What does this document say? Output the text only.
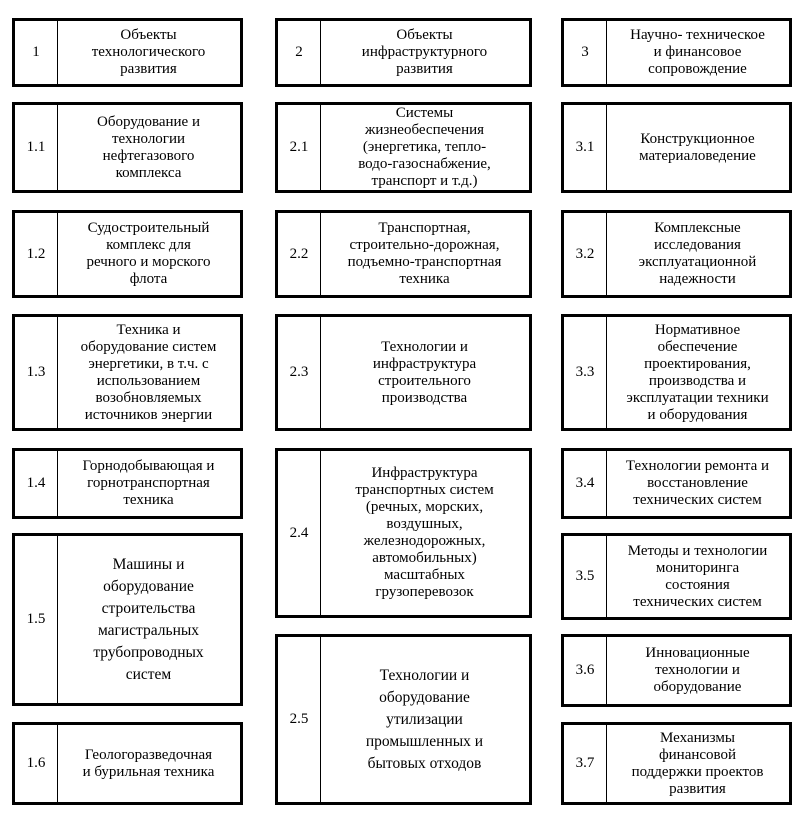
1
Объекты
технологического
развития
1.1
Оборудование и
технологии
нефтегазового
комплекса
1.2
Судостроительный
комплекс для
речного и морского
флота
1.3
Техника и
оборудование систем
энергетики, в т.ч. с
использованием
возобновляемых
источников энергии
1.4
Горнодобывающая и
горнотранспортная
техника
1.5
Машины и
оборудование
строительства
магистральных
трубопроводных
систем
1.6
Геологоразведочная
и бурильная техника
2
Объекты
инфраструктурного
развития
2.1
Системы
жизнеобеспечения
(энергетика, тепло-
водо-газоснабжение,
транспорт и т.д.)
2.2
Транспортная,
строительно-дорожная,
подъемно-транспортная
техника
2.3
Технологии и
инфраструктура
строительного
производства
2.4
Инфраструктура
транспортных систем
(речных, морских,
воздушных,
железнодорожных,
автомобильных)
масштабных
грузоперевозок
2.5
Технологии и
оборудование
утилизации
промышленных и
бытовых отходов
3
Научно- техническое
и финансовое
сопровождение
3.1
Конструкционное
материаловедение
3.2
Комплексные
исследования
эксплуатационной
надежности
3.3
Нормативное
обеспечение
проектирования,
производства и
эксплуатации техники
и оборудования
3.4
Технологии ремонта и
восстановление
технических систем
3.5
Методы и технологии
мониторинга
состояния
технических систем
3.6
Инновационные
технологии и
оборудование
3.7
Механизмы
финансовой
поддержки проектов
развития
